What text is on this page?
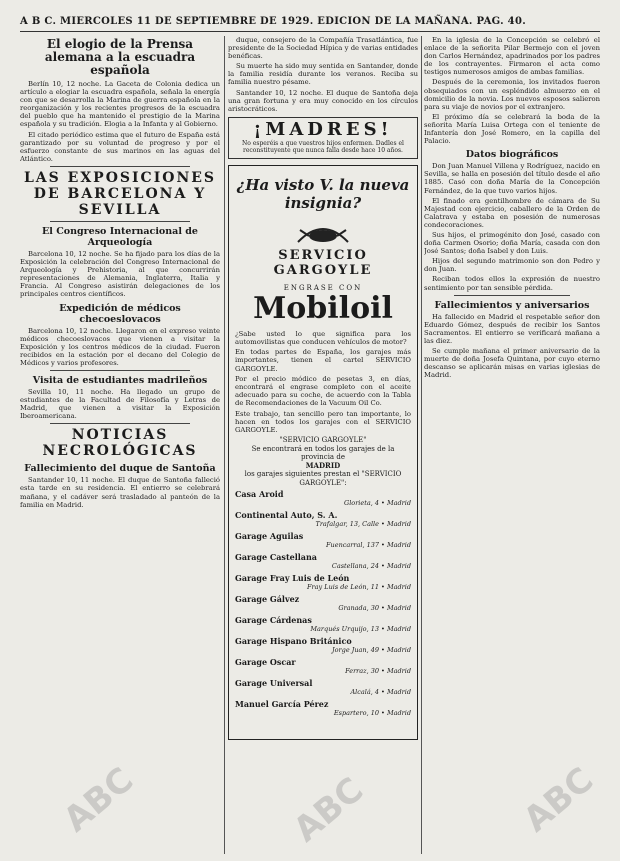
A B C. MIERCOLES 11 DE SEPTIEMBRE DE 1929. EDICION DE LA MAÑANA. PAG. 40.
El elogio de la Prensa alemana a la escuadra española

Berlín 10, 12 noche. La Gaceta de Colonia dedica un artículo a elogiar la escuadra española, señala la energía con que se desarrolla la Marina de guerra española en la reorganización y los recientes progresos de la escuadra del pueblo que ha mantenido el prestigio de la Marina española y su tradición. Elogia a la Infanta y al Gobierno.

El citado periódico estima que el futuro de España está garantizado por su voluntad de progreso y por el esfuerzo constante de sus marinos en las aguas del Atlántico.

LAS EXPOSICIONES DE BARCELONA Y SEVILLA
El Congreso Internacional de Arqueología

Barcelona 10, 12 noche. Se ha fijado para los días de la Exposición la celebración del Congreso Internacional de Arqueología y Prehistoria, al que concurrirán representaciones de Alemania, Inglaterra, Italia y Francia. Al Congreso asistirán delegaciones de los principales centros científicos.

Expedición de médicos checoeslovacos

Barcelona 10, 12 noche. Llegaron en el expreso veinte médicos checoeslovacos que vienen a visitar la Exposición y los centros médicos de la ciudad. Fueron recibidos en la estación por el decano del Colegio de Médicos y varios profesores.

Visita de estudiantes madrileños

Sevilla 10, 11 noche. Ha llegado un grupo de estudiantes de la Facultad de Filosofía y Letras de Madrid, que vienen a visitar la Exposición Iberoamericana.

NOTICIAS NECROLÓGICAS
Fallecimiento del duque de Santoña

Santander 10, 11 noche. El duque de Santoña falleció esta tarde en su residencia. El entierro se celebrará mañana, y el cadáver será trasladado al panteón de la familia en Madrid.

duque, consejero de la Compañía Trasatlántica, fue presidente de la Sociedad Hípica y de varias entidades benéficas.

Su muerte ha sido muy sentida en Santander, donde la familia residía durante los veranos. Reciba su familia nuestro pésame.

Santander 10, 12 noche. El duque de Santoña deja una gran fortuna y era muy conocido en los círculos aristocráticos.

¡MADRES!

No esperéis a que vuestros hijos enfermen. Dadles el reconstituyente que nunca falla desde hace 10 años.

¿Ha visto V. la nueva insignia?
SERVICIO GARGOYLE
ENGRASE CON
Mobiloil

¿Sabe usted lo que significa para los automovilistas que conducen vehículos de motor?

En todas partes de España, los garajes más importantes, tienen el cartel SERVICIO GARGOYLE.

Por el precio módico de pesetas 3, en días, encontrará el engrase completo con el aceite adecuado para su coche, de acuerdo con la Tabla de Recomendaciones de la Vacuum Oil Co.

Este trabajo, tan sencillo pero tan importante, lo hacen en todos los garajes con el SERVICIO GARGOYLE.

"SERVICIO GARGOYLE"
Se encontrará en todos los garajes de la provincia de
MADRID
los garajes siguientes prestan el "SERVICIO GARGOYLE":
Casa Aroid
Glorieta, 4 • Madrid
Continental Auto, S. A.
Trafalgar, 13, Calle • Madrid
Garage Aguilas
Fuencarral, 137 • Madrid
Garage Castellana
Castellana, 24 • Madrid
Garage Fray Luis de León
Fray Luis de León, 11 • Madrid
Garage Gálvez
Granada, 30 • Madrid
Garage Cárdenas
Marqués Urquijo, 13 • Madrid
Garage Hispano Británico
Jorge Juan, 49 • Madrid
Garage Oscar
Ferraz, 30 • Madrid
Garage Universal
Alcalá, 4 • Madrid
Manuel García Pérez
Espartero, 10 • Madrid

En la iglesia de la Concepción se celebró el enlace de la señorita Pilar Bermejo con el joven don Carlos Hernández, apadrinados por los padres de los contrayentes. Firmaron el acta como testigos numerosos amigos de ambas familias.

Después de la ceremonia, los invitados fueron obsequiados con un espléndido almuerzo en el domicilio de la novia. Los nuevos esposos salieron para su viaje de novios por el extranjero.

El próximo día se celebrará la boda de la señorita María Luisa Ortega con el teniente de Infantería don José Romero, en la capilla del Palacio.

Datos biográficos

Don Juan Manuel Villena y Rodríguez, nacido en Sevilla, se halla en posesión del título desde el año 1885. Casó con doña María de la Concepción Fernández, de la que tuvo varios hijos.

El finado era gentilhombre de cámara de Su Majestad con ejercicio, caballero de la Orden de Calatrava y estaba en posesión de numerosas condecoraciones.

Sus hijos, el primogénito don José, casado con doña Carmen Osorio; doña María, casada con don José Santos; doña Isabel y don Luis.

Hijos del segundo matrimonio son don Pedro y don Juan.

Reciban todos ellos la expresión de nuestro sentimiento por tan sensible pérdida.

Fallecimientos y aniversarios

Ha fallecido en Madrid el respetable señor don Eduardo Gómez, después de recibir los Santos Sacramentos. El entierro se verificará mañana a las diez.

Se cumple mañana el primer aniversario de la muerte de doña Josefa Quintana, por cuyo eterno descanso se aplicarán misas en varias iglesias de Madrid.

ABC	ABC	ABC
